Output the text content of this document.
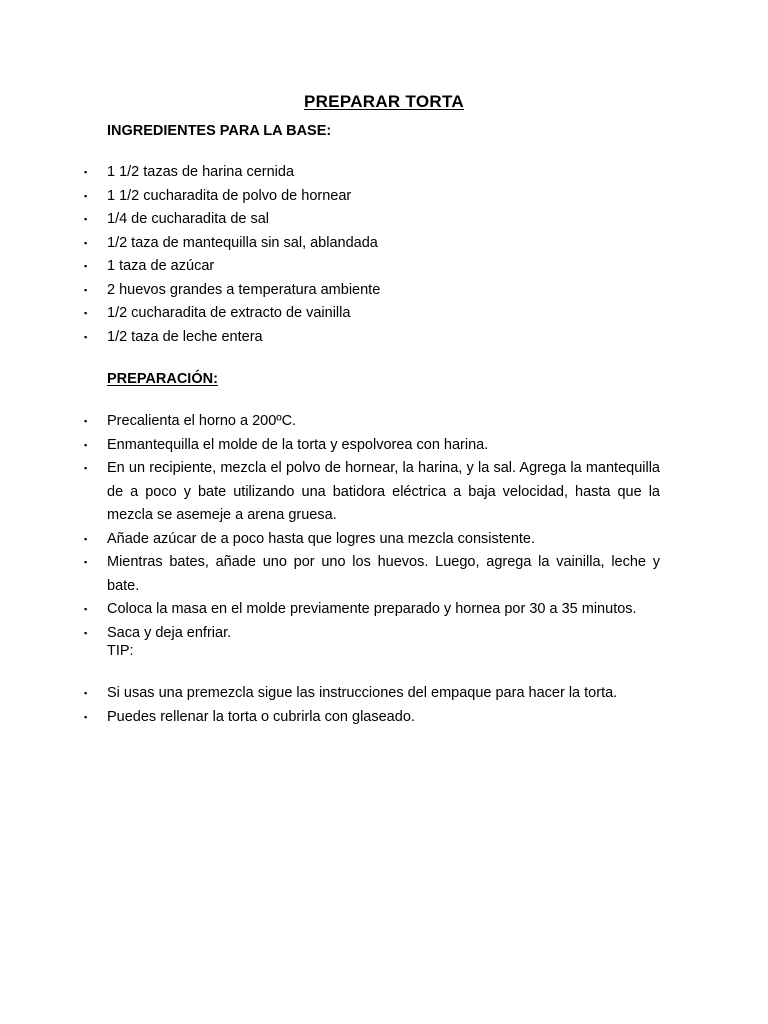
PREPARAR TORTA
INGREDIENTES PARA LA BASE:
▪ 1 1/2 tazas de harina cernida
▪ 1 1/2 cucharadita de polvo de hornear
▪ 1/4 de cucharadita de sal
▪ 1/2 taza de mantequilla sin sal, ablandada
▪ 1 taza de azúcar
▪ 2 huevos grandes a temperatura ambiente
▪ 1/2 cucharadita de extracto de vainilla
▪ 1/2 taza de leche entera
PREPARACIÓN:
▪ Precalienta el horno a 200ºC.
▪ Enmantequilla el molde de la torta y espolvorea con harina.
▪ En un recipiente, mezcla el polvo de hornear, la harina, y la sal. Agrega la mantequilla de a poco y bate utilizando una batidora eléctrica a baja velocidad, hasta que la mezcla se asemeje a arena gruesa.
▪ Añade azúcar de a poco hasta que logres una mezcla consistente.
▪ Mientras bates, añade uno por uno los huevos. Luego, agrega la vainilla, leche y bate.
▪ Coloca la masa en el molde previamente preparado y hornea por 30 a 35 minutos.
▪ Saca y deja enfriar.
TIP:
▪ Si usas una premezcla sigue las instrucciones del empaque para hacer la torta.
▪ Puedes rellenar la torta o cubrirla con glaseado.
